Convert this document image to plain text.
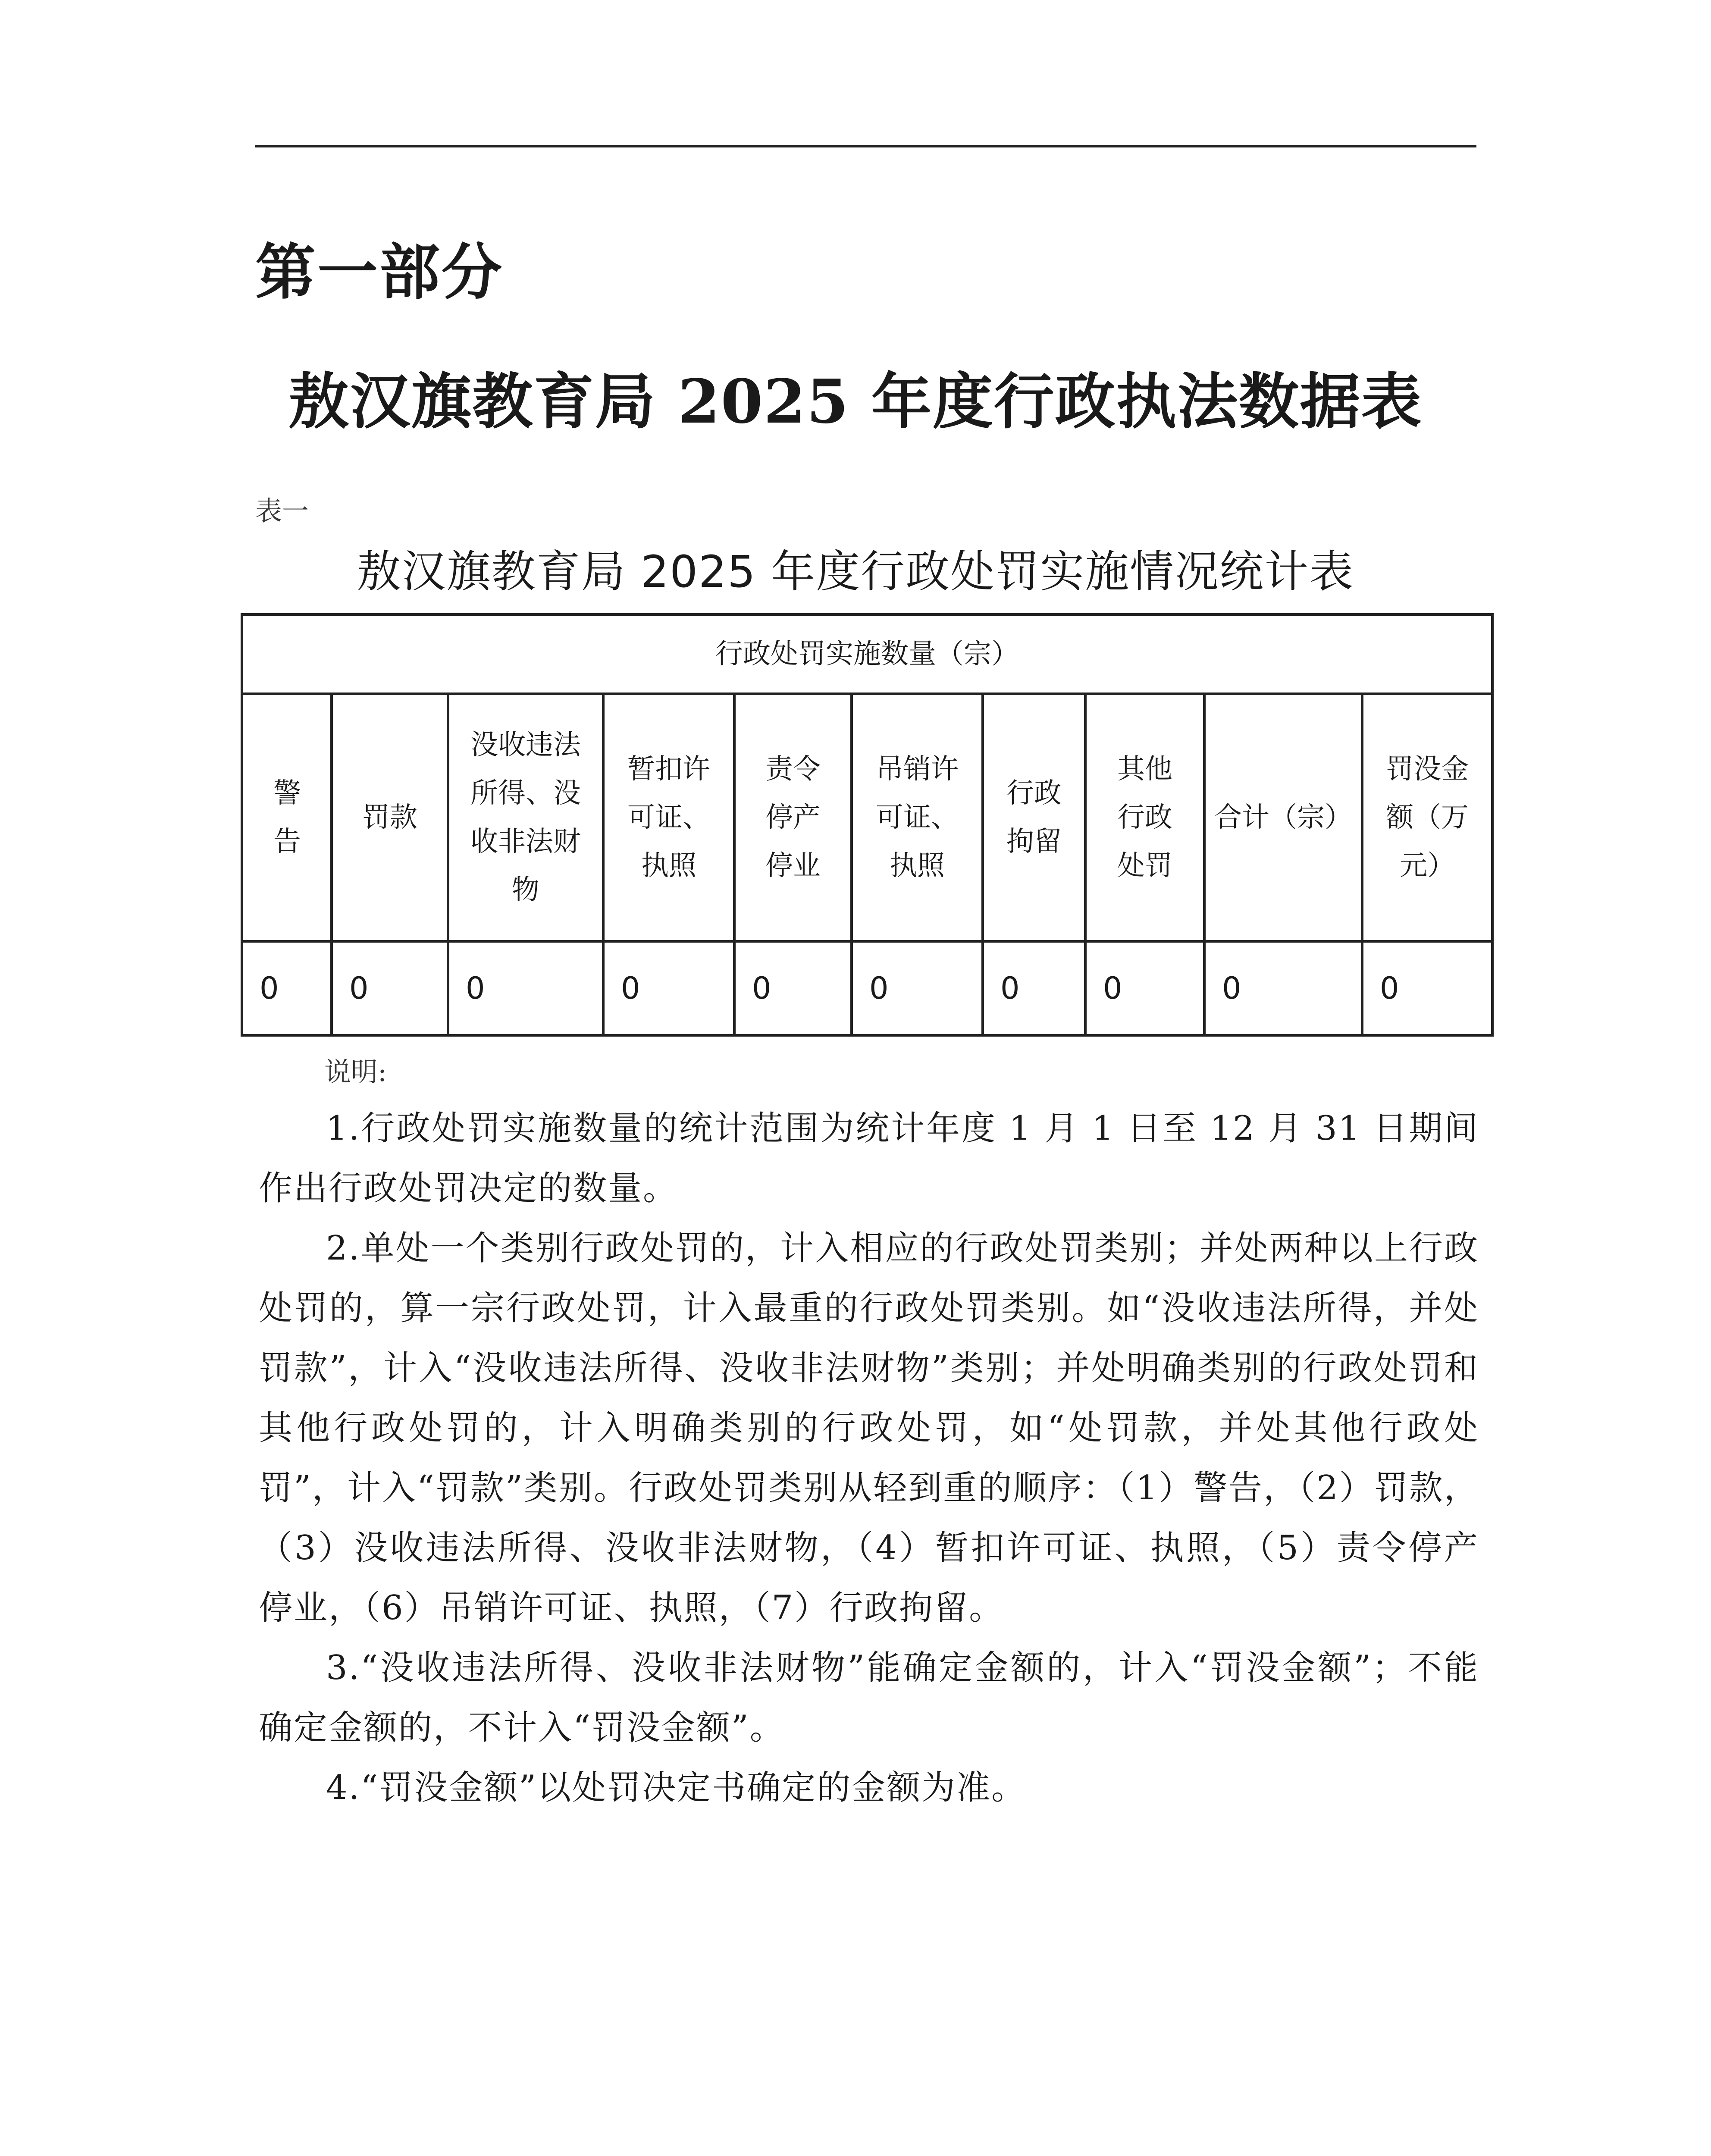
第一部分
敖汉旗教育局 2025 年度行政执法数据表
表一
敖汉旗教育局 2025 年度行政处罚实施情况统计表
行政处罚实施数量（宗）									
警告	罚款	没收违法所得、没收非法财物	暂扣许可证、执照	责令停产停业	吊销许可证、执照	行政拘留	其他行政处罚	合计（宗）	罚没金额（万元）
0	0	0	0	0	0	0	0	0	0
说明:

1.行政处罚实施数量的统计范围为统计年度 1 月 1 日至 12 月 31 日期间作出行政处罚决定的数量。

2.单处一个类别行政处罚的，计入相应的行政处罚类别；并处两种以上行政处罚的，算一宗行政处罚，计入最重的行政处罚类别。如“没收违法所得，并处罚款”，计入“没收违法所得、没收非法财物”类别；并处明确类别的行政处罚和其他行政处罚的，计入明确类别的行政处罚，如“处罚款，并处其他行政处罚”，计入“罚款”类别。行政处罚类别从轻到重的顺序：（1）警告，（2）罚款，（3）没收违法所得、没收非法财物，（4）暂扣许可证、执照，（5）责令停产停业，（6）吊销许可证、执照，（7）行政拘留。

3.“没收违法所得、没收非法财物”能确定金额的，计入“罚没金额”；不能确定金额的，不计入“罚没金额”。

4.“罚没金额”以处罚决定书确定的金额为准。
